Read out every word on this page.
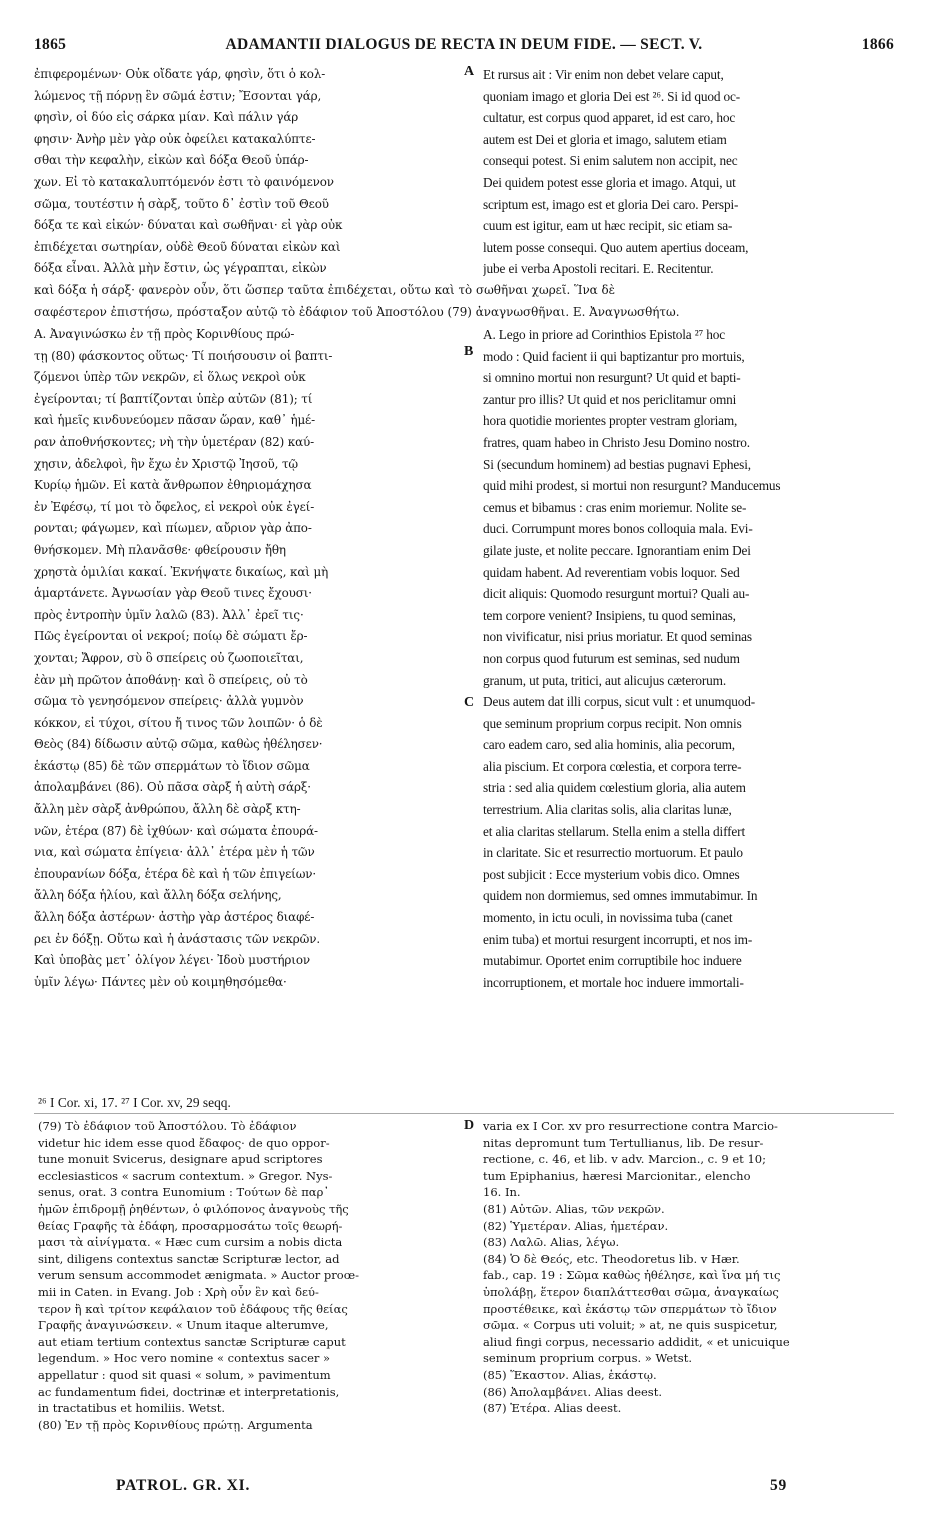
1865	ADAMANTII DIALOGUS DE RECTA IN DEUM FIDE. — SECT. V.	1866
ἐπιφερομένων· Οὐκ οἴδατε γάρ, φησὶν, ὅτι ὁ κολ-
λώμενος τῇ πόρνῃ ἓν σῶμά ἐστιν; Ἔσονται γάρ,
φησὶν, οἱ δύο εἰς σάρκα μίαν. Καὶ πάλιν γάρ
φησιν· Ἀνὴρ μὲν γὰρ οὐκ ὀφείλει κατακαλύπτε-
σθαι τὴν κεφαλὴν, εἰκὼν καὶ δόξα Θεοῦ ὑπάρ-
χων. Εἰ τὸ κατακαλυπτόμενόν ἐστι τὸ φαινόμενον
σῶμα, τουτέστιν ἡ σὰρξ, τοῦτο δ᾽ ἐστὶν τοῦ Θεοῦ
δόξα τε καὶ εἰκών· δύναται καὶ σωθῆναι· εἰ γὰρ οὐκ
ἐπιδέχεται σωτηρίαν, οὐδὲ Θεοῦ δύναται εἰκὼν καὶ
δόξα εἶναι. Ἀλλὰ μὴν ἔστιν, ὡς γέγραπται, εἰκὼν
Et rursus ait : Vir enim non debet velare caput,
quoniam imago et gloria Dei est ²⁶. Si id quod oc-
cultatur, est corpus quod apparet, id est caro, hoc
autem est Dei et gloria et imago, salutem etiam
consequi potest. Si enim salutem non accipit, nec
Dei quidem potest esse gloria et imago. Atqui, ut
scriptum est, imago est et gloria Dei caro. Perspi-
cuum est igitur, eam ut hæc recipit, sic etiam sa-
lutem posse consequi. Quo autem apertius doceam,
jube ei verba Apostoli recitari. E. Recitentur.
καὶ δόξα ἡ σάρξ· φανερὸν οὖν, ὅτι ὥσπερ ταῦτα ἐπιδέχεται, οὕτω καὶ τὸ σωθῆναι χωρεῖ. Ἵνα δὲ
σαφέστερον ἐπιστήσω, πρόσταξον αὐτῷ τὸ ἐδάφιον τοῦ Ἀποστόλου (79) ἀναγνωσθῆναι. E. Ἀναγνωσθήτω.
A. Ἀναγινώσκω ἐν τῇ πρὸς Κορινθίους πρώ-
τῃ (80) φάσκοντος οὕτως· Τί ποιήσουσιν οἱ βαπτι-
ζόμενοι ὑπὲρ τῶν νεκρῶν, εἰ ὅλως νεκροὶ οὐκ
ἐγείρονται; τί βαπτίζονται ὑπὲρ αὐτῶν (81); τί
καὶ ἡμεῖς κινδυνεύομεν πᾶσαν ὥραν, καθ᾽ ἡμέ-
ραν ἀποθνήσκοντες; νὴ τὴν ὑμετέραν (82) καύ-
χησιν, ἀδελφοὶ, ἣν ἔχω ἐν Χριστῷ Ἰησοῦ, τῷ
Κυρίῳ ἡμῶν. Εἰ κατὰ ἄνθρωπον ἐθηριομάχησα
ἐν Ἐφέσῳ, τί μοι τὸ ὄφελος, εἰ νεκροὶ οὐκ ἐγεί-
ρονται; φάγωμεν, καὶ πίωμεν, αὔριον γὰρ ἀπο-
θνήσκομεν. Μὴ πλανᾶσθε· φθείρουσιν ἤθη
χρηστὰ ὁμιλίαι κακαί. Ἐκνήψατε δικαίως, καὶ μὴ
ἁμαρτάνετε. Ἀγνωσίαν γὰρ Θεοῦ τινες ἔχουσι·
πρὸς ἐντροπὴν ὑμῖν λαλῶ (83). Ἀλλ᾽ ἐρεῖ τις·
Πῶς ἐγείρονται οἱ νεκροί; ποίῳ δὲ σώματι ἔρ-
χονται; Ἄφρον, σὺ ὃ σπείρεις οὐ ζωοποιεῖται,
ἐὰν μὴ πρῶτον ἀποθάνῃ· καὶ ὃ σπείρεις, οὐ τὸ
σῶμα τὸ γενησόμενον σπείρεις· ἀλλὰ γυμνὸν
κόκκον, εἰ τύχοι, σίτου ἤ τινος τῶν λοιπῶν· ὁ δὲ
Θεὸς (84) δίδωσιν αὐτῷ σῶμα, καθὼς ἠθέλησεν·
ἑκάστῳ (85) δὲ τῶν σπερμάτων τὸ ἴδιον σῶμα
ἀπολαμβάνει (86). Οὐ πᾶσα σὰρξ ἡ αὐτὴ σάρξ·
ἄλλη μὲν σὰρξ ἀνθρώπου, ἄλλη δὲ σὰρξ κτη-
νῶν, ἑτέρα (87) δὲ ἰχθύων· καὶ σώματα ἐπουρά-
νια, καὶ σώματα ἐπίγεια· ἀλλ᾽ ἑτέρα μὲν ἡ τῶν
ἐπουρανίων δόξα, ἑτέρα δὲ καὶ ἡ τῶν ἐπιγείων·
ἄλλη δόξα ἡλίου, καὶ ἄλλη δόξα σελήνης,
ἄλλη δόξα ἀστέρων· ἀστὴρ γὰρ ἀστέρος διαφέ-
ρει ἐν δόξῃ. Οὕτω καὶ ἡ ἀνάστασις τῶν νεκρῶν.
Καὶ ὑποβὰς μετ᾽ ὀλίγον λέγει· Ἰδοὺ μυστήριον
ὑμῖν λέγω· Πάντες μὲν οὐ κοιμηθησόμεθα·
A. Lego in priore ad Corinthios Epistola ²⁷ hoc
modo : Quid facient ii qui baptizantur pro mortuis,
si omnino mortui non resurgunt? Ut quid et bapti-
zantur pro illis? Ut quid et nos periclitamur omni
hora quotidie morientes propter vestram gloriam,
fratres, quam habeo in Christo Jesu Domino nostro.
Si (secundum hominem) ad bestias pugnavi Ephesi,
quid mihi prodest, si mortui non resurgunt? Manducemus
cemus et bibamus : cras enim moriemur. Nolite se-
duci. Corrumpunt mores bonos colloquia mala. Evi-
gilate juste, et nolite peccare. Ignorantiam enim Dei
quidam habent. Ad reverentiam vobis loquor. Sed
dicit aliquis: Quomodo resurgunt mortui? Quali au-
tem corpore venient? Insipiens, tu quod seminas,
non vivificatur, nisi prius moriatur. Et quod seminas
non corpus quod futurum est seminas, sed nudum
granum, ut puta, tritici, aut alicujus cæterorum.
Deus autem dat illi corpus, sicut vult : et unumquod-
que seminum proprium corpus recipit. Non omnis
caro eadem caro, sed alia hominis, alia pecorum,
alia piscium. Et corpora cœlestia, et corpora terre-
stria : sed alia quidem cœlestium gloria, alia autem
terrestrium. Alia claritas solis, alia claritas lunæ,
et alia claritas stellarum. Stella enim a stella differt
in claritate. Sic et resurrectio mortuorum. Et paulo
post subjicit : Ecce mysterium vobis dico. Omnes
quidem non dormiemus, sed omnes immutabimur. In
momento, in ictu oculi, in novissima tuba (canet
enim tuba) et mortui resurgent incorrupti, et nos im-
mutabimur. Oportet enim corruptibile hoc induere
incorruptionem, et mortale hoc induere immortali-
A
B
C
D
²⁶ I Cor. xi, 17. ²⁷ I Cor. xv, 29 seqq.
(79) Τὸ ἐδάφιον τοῦ Ἀποστόλου. Τὸ ἐδάφιον
videtur hic idem esse quod ἔδαφος· de quo oppor-
tune monuit Svicerus, designare apud scriptores
ecclesiasticos « sacrum contextum. » Gregor. Nys-
senus, orat. 3 contra Eunomium : Τούτων δὲ παρ᾽
ἡμῶν ἐπιδρομῇ ῥηθέντων, ὁ φιλόπονος ἀναγνοὺς τῆς
θείας Γραφῆς τὰ ἐδάφη, προσαρμοσάτω τοῖς θεωρή-
μασι τὰ αἰνίγματα. « Hæc cum cursim a nobis dicta
sint, diligens contextus sanctæ Scripturæ lector, ad
verum sensum accommodet ænigmata. » Auctor proœ-
mii in Caten. in Evang. Job : Χρὴ οὖν ἓν καὶ δεύ-
τερον ἢ καὶ τρίτον κεφάλαιον τοῦ ἐδάφους τῆς θείας
Γραφῆς ἀναγινώσκειν. « Unum itaque alterumve,
aut etiam tertium contextus sanctæ Scripturæ caput
legendum. » Hoc vero nomine « contextus sacer »
appellatur : quod sit quasi « solum, » pavimentum
ac fundamentum fidei, doctrinæ et interpretationis,
in tractatibus et homiliis. Wetst.
(80) Ἐν τῇ πρὸς Κορινθίους πρώτῃ. Argumenta
varia ex I Cor. xv pro resurrectione contra Marcio-
nitas depromunt tum Tertullianus, lib. De resur-
rectione, c. 46, et lib. v adv. Marcion., c. 9 et 10;
tum Epiphanius, hæresi Marcionitar., elencho
16. In.
(81) Αὐτῶν. Alias, τῶν νεκρῶν.
(82) Ὑμετέραν. Alias, ἡμετέραν.
(83) Λαλῶ. Alias, λέγω.
(84) Ὁ δὲ Θεός, etc. Theodoretus lib. v Hær.
fab., cap. 19 : Σῶμα καθὼς ἠθέλησε, καὶ ἵνα μή τις
ὑπολάβῃ, ἕτερον διαπλάττεσθαι σῶμα, ἀναγκαίως
προστέθεικε, καὶ ἑκάστῳ τῶν σπερμάτων τὸ ἴδιον
σῶμα. « Corpus uti voluit; » at, ne quis suspicetur,
aliud fingi corpus, necessario addidit, « et unicuique
seminum proprium corpus. » Wetst.
(85) Ἕκαστον. Alias, ἑκάστῳ.
(86) Ἀπολαμβάνει. Alias deest.
(87) Ἑτέρα. Alias deest.
PATROL. GR. XI.	59
